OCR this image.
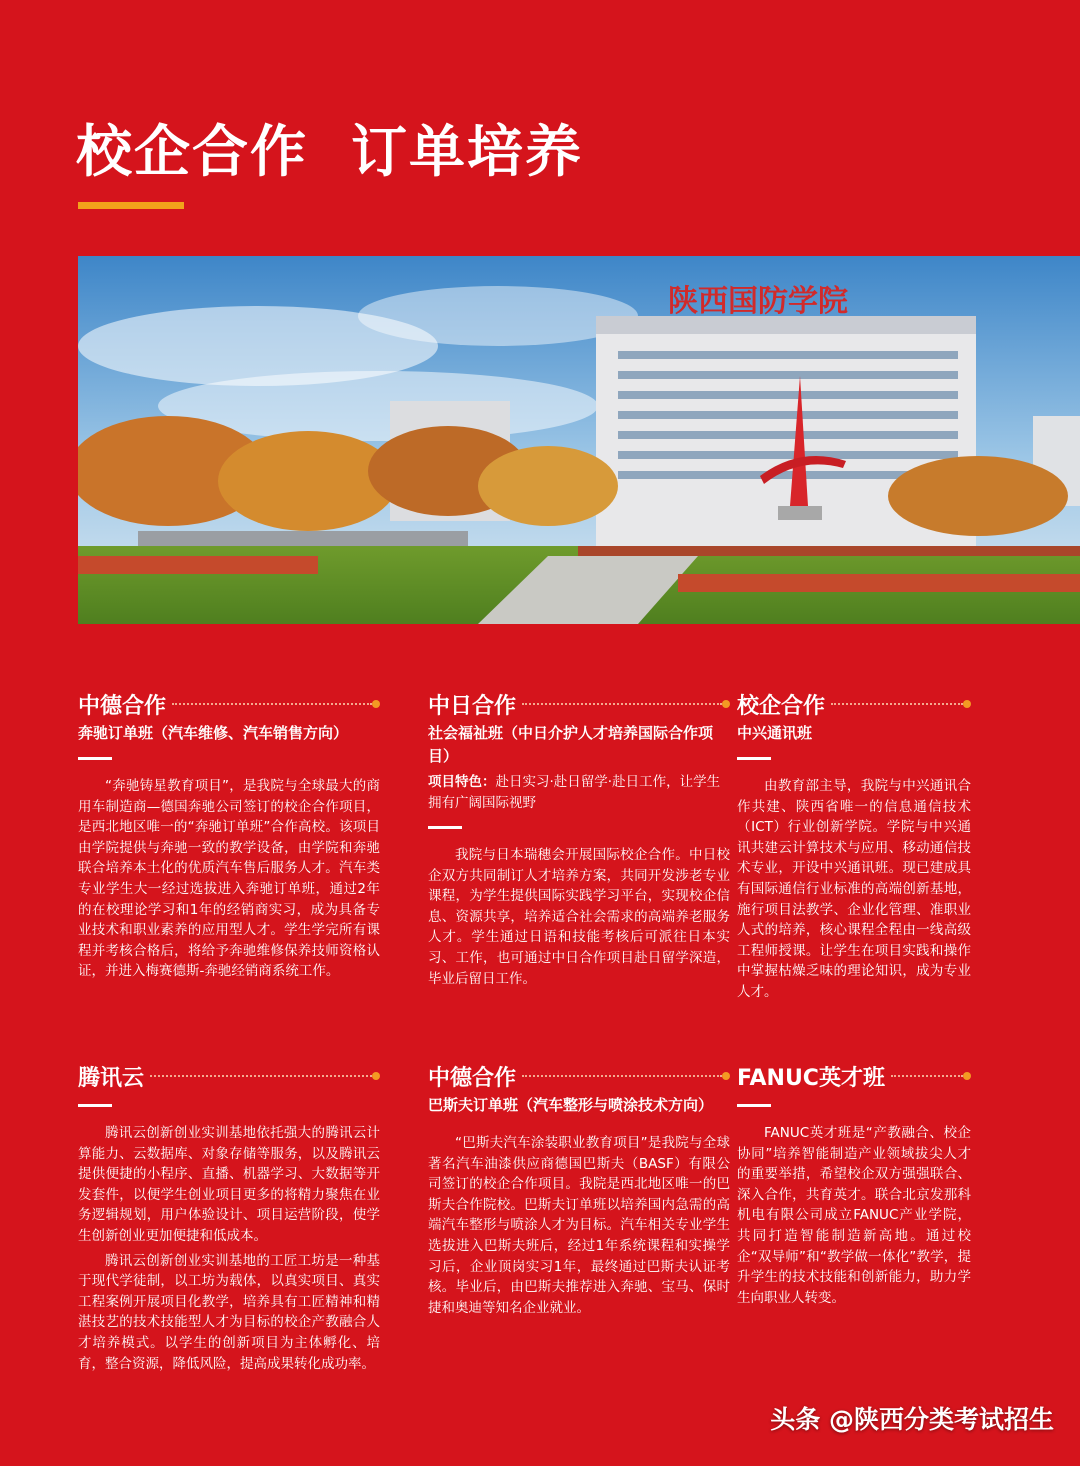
校企合作  订单培养
陕西国防学院
中德合作
奔驰订单班（汽车维修、汽车销售方向）

“奔驰铸星教育项目”，是我院与全球最大的商用车制造商—德国奔驰公司签订的校企合作项目，是西北地区唯一的“奔驰订单班”合作高校。该项目由学院提供与奔驰一致的教学设备，由学院和奔驰联合培养本土化的优质汽车售后服务人才。汽车类专业学生大一经过选拔进入奔驰订单班，通过2年的在校理论学习和1年的经销商实习，成为具备专业技术和职业素养的应用型人才。学生学完所有课程并考核合格后，将给予奔驰维修保养技师资格认证，并进入梅赛德斯-奔驰经销商系统工作。

中日合作
社会福祉班（中日介护人才培养国际合作项目）
项目特色：赴日实习·赴日留学·赴日工作，让学生拥有广阔国际视野

我院与日本瑞穗会开展国际校企合作。中日校企双方共同制订人才培养方案，共同开发涉老专业课程，为学生提供国际实践学习平台，实现校企信息、资源共享，培养适合社会需求的高端养老服务人才。学生通过日语和技能考核后可派往日本实习、工作，也可通过中日合作项目赴日留学深造，毕业后留日工作。

校企合作
中兴通讯班

由教育部主导，我院与中兴通讯合作共建、陕西省唯一的信息通信技术（ICT）行业创新学院。学院与中兴通讯共建云计算技术与应用、移动通信技术专业，开设中兴通讯班。现已建成具有国际通信行业标准的高端创新基地，施行项目法教学、企业化管理、准职业人式的培养，核心课程全程由一线高级工程师授课。让学生在项目实践和操作中掌握枯燥乏味的理论知识，成为专业人才。

腾讯云

腾讯云创新创业实训基地依托强大的腾讯云计算能力、云数据库、对象存储等服务，以及腾讯云提供便捷的小程序、直播、机器学习、大数据等开发套件，以便学生创业项目更多的将精力聚焦在业务逻辑规划，用户体验设计、项目运营阶段，使学生创新创业更加便捷和低成本。

腾讯云创新创业实训基地的工匠工坊是一种基于现代学徒制，以工坊为载体，以真实项目、真实工程案例开展项目化教学，培养具有工匠精神和精湛技艺的技术技能型人才为目标的校企产教融合人才培养模式。以学生的创新项目为主体孵化、培育，整合资源，降低风险，提高成果转化成功率。

中德合作
巴斯夫订单班（汽车整形与喷涂技术方向）

“巴斯夫汽车涂装职业教育项目”是我院与全球著名汽车油漆供应商德国巴斯夫（BASF）有限公司签订的校企合作项目。我院是西北地区唯一的巴斯夫合作院校。巴斯夫订单班以培养国内急需的高端汽车整形与喷涂人才为目标。汽车相关专业学生选拔进入巴斯夫班后，经过1年系统课程和实操学习后，企业顶岗实习1年，最终通过巴斯夫认证考核。毕业后，由巴斯夫推荐进入奔驰、宝马、保时捷和奥迪等知名企业就业。

FANUC英才班

FANUC英才班是“产教融合、校企协同”培养智能制造产业领域拔尖人才的重要举措，希望校企双方强强联合、深入合作，共育英才。联合北京发那科机电有限公司成立FANUC产业学院，共同打造智能制造新高地。通过校企“双导师”和“教学做一体化”教学，提升学生的技术技能和创新能力，助力学生向职业人转变。

头条 @陕西分类考试招生
